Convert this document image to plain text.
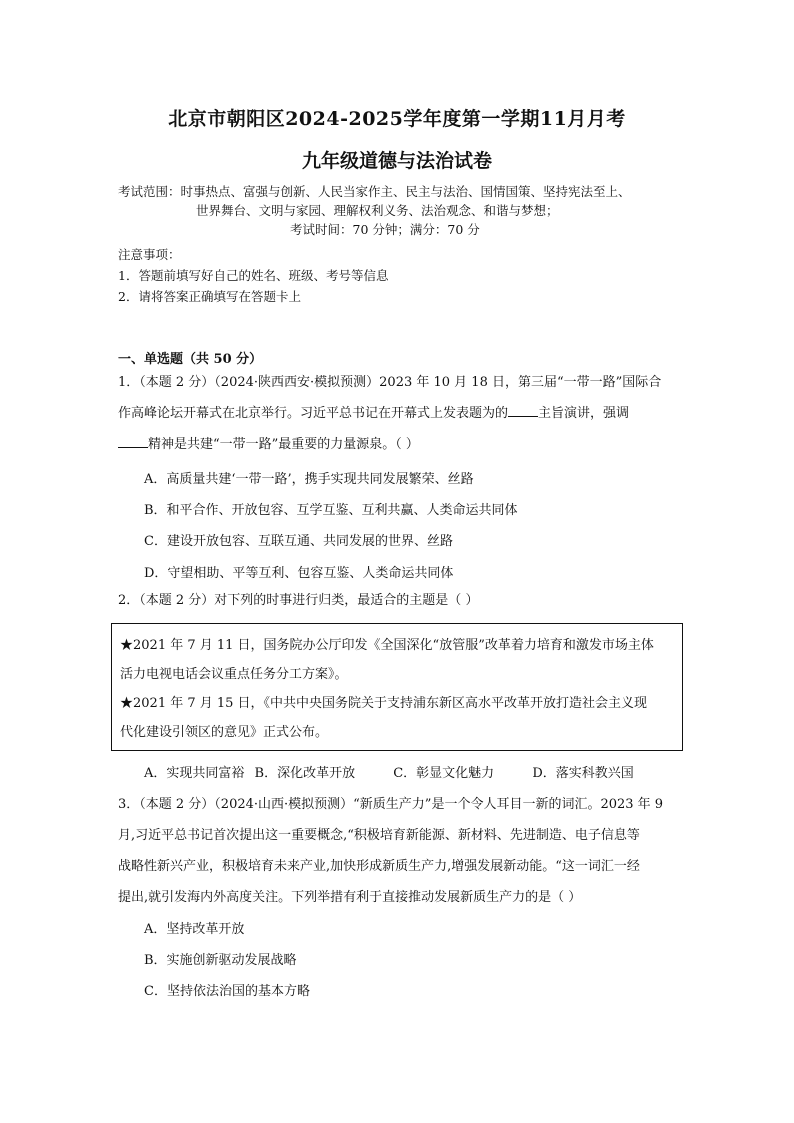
北京市朝阳区2024-2025学年度第一学期11月月考
九年级道德与法治试卷
考试范围：时事热点、富强与创新、人民当家作主、民主与法治、国情国策、坚持宪法至上、
世界舞台、文明与家园、理解权利义务、法治观念、和谐与梦想；
考试时间：70 分钟；满分：70 分
注意事项：
1．答题前填写好自己的姓名、班级、考号等信息
2．请将答案正确填写在答题卡上
一、单选题（共 50 分）
1．（本题 2 分）（2024·陕西西安·模拟预测）2023 年 10 月 18 日，第三届“一带一路”国际合
作高峰论坛开幕式在北京举行。习近平总书记在开幕式上发表题为的 主旨演讲，强调
精神是共建“一带一路”最重要的力量源泉。（ ）
A．高质量共建‘一带一路’，携手实现共同发展繁荣、丝路
B．和平合作、开放包容、互学互鉴、互利共赢、人类命运共同体
C．建设开放包容、互联互通、共同发展的世界、丝路
D．守望相助、平等互利、包容互鉴、人类命运共同体
2．（本题 2 分）对下列的时事进行归类，最适合的主题是（ ）
★2021 年 7 月 11 日，国务院办公厅印发《全国深化“放管服”改革着力培育和激发市场主体
活力电视电话会议重点任务分工方案》。
★2021 年 7 月 15 日，《中共中央国务院关于支持浦东新区高水平改革开放打造社会主义现
代化建设引领区的意见》正式公布。
A．实现共同富裕 B．深化改革开放	C．彰显文化魅力	D．落实科教兴国
3．（本题 2 分）（2024·山西·模拟预测）“新质生产力”是一个令人耳目一新的词汇。2023 年 9
月,习近平总书记首次提出这一重要概念,“积极培育新能源、新材料、先进制造、电子信息等
战略性新兴产业，积极培育未来产业,加快形成新质生产力,增强发展新动能。“这一词汇一经
提出,就引发海内外高度关注。下列举措有利于直接推动发展新质生产力的是（ ）
A．坚持改革开放
B．实施创新驱动发展战略
C．坚持依法治国的基本方略
